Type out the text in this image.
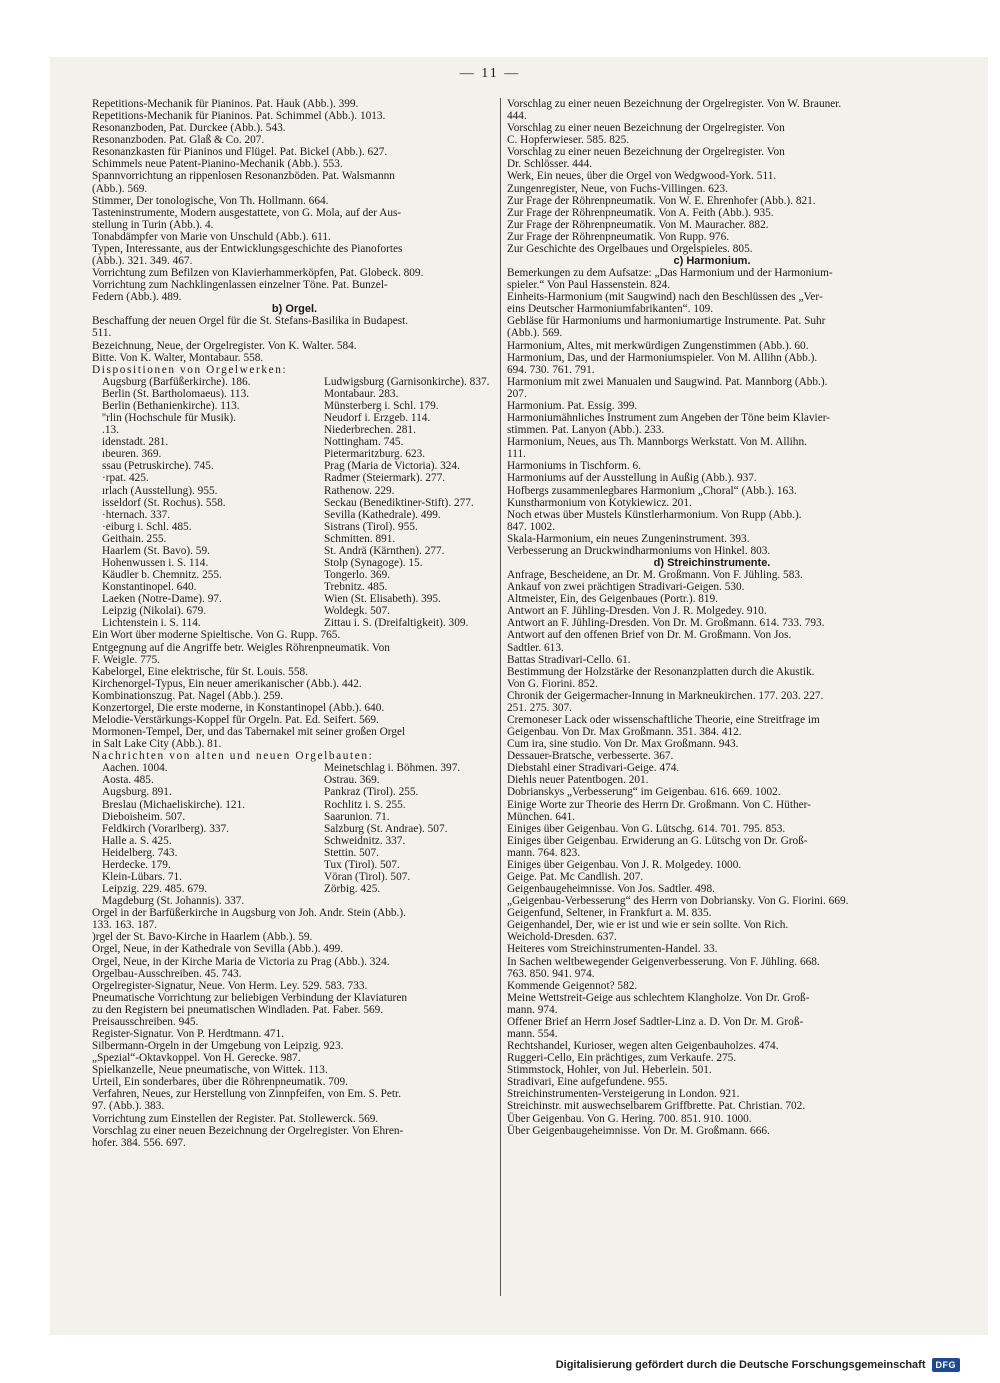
— 11 —

Repetitions-Mechanik für Pianinos. Pat. Hauk (Abb.). 399.

Repetitions-Mechanik für Pianinos. Pat. Schimmel (Abb.). 1013.

Resonanzboden, Pat. Durckee (Abb.). 543.

Resonanzboden. Pat. Glaß & Co. 207.

Resonanzkasten für Pianinos und Flügel. Pat. Bickel (Abb.). 627.

Schimmels neue Patent-Pianino-Mechanik (Abb.). 553.

Spannvorrichtung an rippenlosen Resonanzböden. Pat. Walsmannn

(Abb.). 569.

Stimmer, Der tonologische, Von Th. Hollmann. 664.

Tasteninstrumente, Modern ausgestattete, von G. Mola, auf der Aus-

stellung in Turin (Abb.). 4.

Tonabdämpfer von Marie von Unschuld (Abb.). 611.

Typen, Interessante, aus der Entwicklungsgeschichte des Pianofortes

(Abb.). 321. 349. 467.

Vorrichtung zum Befilzen von Klavierhammerköpfen, Pat. Globeck. 809.

Vorrichtung zum Nachklingenlassen einzelner Töne. Pat. Bunzel-

Federn (Abb.). 489.

b) Orgel.

Beschaffung der neuen Orgel für die St. Stefans-Basilika in Budapest.

511.

Bezeichnung, Neue, der Orgelregister. Von K. Walter. 584.

Bitte. Von K. Walter, Montabaur. 558.

Dispositionen von Orgelwerken:

Augsburg (Barfüßerkirche). 186.	Ludwigsburg (Garnisonkirche). 837.

Berlin (St. Bartholomaeus). 113.	Montabaur. 283.

Berlin (Bethanienkirche). 113.	Münsterberg i. Schl. 179.

''rlin (Hochschule für Musik).	Neudorf i. Erzgeb. 114.

.13.	Niederbrechen. 281.

idenstadt. 281.	Nottingham. 745.

ıbeuren. 369.	Pietermaritzburg. 623.

ssau (Petruskirche). 745.	Prag (Maria de Victoria). 324.

·rpat. 425.	Radmer (Steiermark). 277.

ırlach (Ausstellung). 955.	Rathenow. 229.

isseldorf (St. Rochus). 558.	Seckau (Benediktiner-Stift). 277.

·hternach. 337.	Sevilla (Kathedrale). 499.

·eiburg i. Schl. 485.	Sistrans (Tirol). 955.

Geithain. 255.	Schmitten. 891.

Haarlem (St. Bavo). 59.	St. Andrä (Kärnthen). 277.

Hohenwussen i. S. 114.	Stolp (Synagoge). 15.

Käudler b. Chemnitz. 255.	Tongerlo. 369.

Konstantinopel. 640.	Trebnitz. 485.

Laeken (Notre-Dame). 97.	Wien (St. Elisabeth). 395.

Leipzig (Nikolai). 679.	Woldegk. 507.

Lichtenstein i. S. 114.	Zittau i. S. (Dreifaltigkeit). 309.

Ein Wort über moderne Spieltische. Von G. Rupp. 765.

Entgegnung auf die Angriffe betr. Weigles Röhrenpneumatik. Von

F. Weigle. 775.

Kabelorgel, Eine elektrische, für St. Louis. 558.

Kirchenorgel-Typus, Ein neuer amerikanischer (Abb.). 442.

Kombinationszug. Pat. Nagel (Abb.). 259.

Konzertorgel, Die erste moderne, in Konstantinopel (Abb.). 640.

Melodie-Verstärkungs-Koppel für Orgeln. Pat. Ed. Seifert. 569.

Mormonen-Tempel, Der, und das Tabernakel mit seiner großen Orgel

in Salt Lake City (Abb.). 81.

Nachrichten von alten und neuen Orgelbauten:

Aachen. 1004.	Meinetschlag i. Böhmen. 397.

Aosta. 485.	Ostrau. 369.

Augsburg. 891.	Pankraz (Tirol). 255.

Breslau (Michaeliskirche). 121.	Rochlitz i. S. 255.

Dieboisheim. 507.	Saarunion. 71.

Feldkirch (Vorarlberg). 337.	Salzburg (St. Andrae). 507.

Halle a. S. 425.	Schweidnitz. 337.

Heidelberg. 743.	Stettin. 507.

Herdecke. 179.	Tux (Tirol). 507.

Klein-Lübars. 71.	Vöran (Tirol). 507.

Leipzig. 229. 485. 679.	Zörbig. 425.

Magdeburg (St. Johannis). 337.

Orgel in der Barfüßerkirche in Augsburg von Joh. Andr. Stein (Abb.).

133. 163. 187.

)rgel der St. Bavo-Kirche in Haarlem (Abb.). 59.

Orgel, Neue, in der Kathedrale von Sevilla (Abb.). 499.

Orgel, Neue, in der Kirche Maria de Victoria zu Prag (Abb.). 324.

Orgelbau-Ausschreiben. 45. 743.

Orgelregister-Signatur, Neue. Von Herm. Ley. 529. 583. 733.

Pneumatische Vorrichtung zur beliebigen Verbindung der Klaviaturen

zu den Registern bei pneumatischen Windladen. Pat. Faber. 569.

Preisausschreiben. 945.

Register-Signatur. Von P. Herdtmann. 471.

Silbermann-Orgeln in der Umgebung von Leipzig. 923.

„Spezial“-Oktavkoppel. Von H. Gerecke. 987.

Spielkanzelle, Neue pneumatische, von Wittek. 113.

Urteil, Ein sonderbares, über die Röhrenpneumatik. 709.

Verfahren, Neues, zur Herstellung von Zinnpfeifen, von Em. S. Petr.

97. (Abb.). 383.

Vorrichtung zum Einstellen der Register. Pat. Stollewerck. 569.

Vorschlag zu einer neuen Bezeichnung der Orgelregister. Von Ehren-

hofer. 384. 556. 697.

Vorschlag zu einer neuen Bezeichnung der Orgelregister. Von W. Brauner.

444.

Vorschlag zu einer neuen Bezeichnung der Orgelregister. Von

C. Hopferwieser. 585. 825.

Vorschlag zu einer neuen Bezeichnung der Orgelregister. Von

Dr. Schlösser. 444.

Werk, Ein neues, über die Orgel von Wedgwood-York. 511.

Zungenregister, Neue, von Fuchs-Villingen. 623.

Zur Frage der Röhrenpneumatik. Von W. E. Ehrenhofer (Abb.). 821.

Zur Frage der Röhrenpneumatik. Von A. Feith (Abb.). 935.

Zur Frage der Röhrenpneumatik. Von M. Mauracher. 882.

Zur Frage der Röhrenpneumatik. Von Rupp. 976.

Zur Geschichte des Orgelbaues und Orgelspieles. 805.

c) Harmonium.

Bemerkungen zu dem Aufsatze: „Das Harmonium und der Harmonium-

spieler.“ Von Paul Hassenstein. 824.

Einheits-Harmonium (mit Saugwind) nach den Beschlüssen des „Ver-

eins Deutscher Harmoniumfabrikanten“. 109.

Gebläse für Harmoniums und harmoniumartige Instrumente. Pat. Suhr

(Abb.). 569.

Harmonium, Altes, mit merkwürdigen Zungenstimmen (Abb.). 60.

Harmonium, Das, und der Harmoniumspieler. Von M. Allihn (Abb.).

694. 730. 761. 791.

Harmonium mit zwei Manualen und Saugwind. Pat. Mannborg (Abb.).

207.

Harmonium. Pat. Essig. 399.

Harmoniumähnliches Instrument zum Angeben der Töne beim Klavier-

stimmen. Pat. Lanyon (Abb.). 233.

Harmonium, Neues, aus Th. Mannborgs Werkstatt. Von M. Allihn.

111.

Harmoniums in Tischform. 6.

Harmoniums auf der Ausstellung in Außig (Abb.). 937.

Hofbergs zusammenlegbares Harmonium „Choral“ (Abb.). 163.

Kunstharmonium von Kotykiewicz. 201.

Noch etwas über Mustels Künstlerharmonium. Von Rupp (Abb.).

847. 1002.

Skala-Harmonium, ein neues Zungeninstrument. 393.

Verbesserung an Druckwindharmoniums von Hinkel. 803.

d) Streichinstrumente.

Anfrage, Bescheidene, an Dr. M. Großmann. Von F. Jühling. 583.

Ankauf von zwei prächtigen Stradivari-Geigen. 530.

Altmeister, Ein, des Geigenbaues (Portr.). 819.

Antwort an F. Jühling-Dresden. Von J. R. Molgedey. 910.

Antwort an F. Jühling-Dresden. Von Dr. M. Großmann. 614. 733. 793.

Antwort auf den offenen Brief von Dr. M. Großmann. Von Jos.

Sadtler. 613.

Battas Stradivari-Cello. 61.

Bestimmung der Holzstärke der Resonanzplatten durch die Akustik.

Von G. Fiorini. 852.

Chronik der Geigermacher-Innung in Markneukirchen. 177. 203. 227.

251. 275. 307.

Cremoneser Lack oder wissenschaftliche Theorie, eine Streitfrage im

Geigenbau. Von Dr. Max Großmann. 351. 384. 412.

Cum ira, sine studio. Von Dr. Max Großmann. 943.

Dessauer-Bratsche, verbesserte. 367.

Diebstahl einer Stradivari-Geige. 474.

Diehls neuer Patentbogen. 201.

Dobrianskys „Verbesserung“ im Geigenbau. 616. 669. 1002.

Einige Worte zur Theorie des Herrn Dr. Großmann. Von C. Hüther-

München. 641.

Einiges über Geigenbau. Von G. Lütschg. 614. 701. 795. 853.

Einiges über Geigenbau. Erwiderung an G. Lütschg von Dr. Groß-

mann. 764. 823.

Einiges über Geigenbau. Von J. R. Molgedey. 1000.

Geige. Pat. Mc Candlish. 207.

Geigenbaugeheimnisse. Von Jos. Sadtler. 498.

„Geigenbau-Verbesserung“ des Herrn von Dobriansky. Von G. Fiorini. 669.

Geigenfund, Seltener, in Frankfurt a. M. 835.

Geigenhandel, Der, wie er ist und wie er sein sollte. Von Rich.

Weichold-Dresden. 637.

Heiteres vom Streichinstrumenten-Handel. 33.

In Sachen weltbewegender Geigenverbesserung. Von F. Jühling. 668.

763. 850. 941. 974.

Kommende Geigennot? 582.

Meine Wettstreit-Geige aus schlechtem Klangholze. Von Dr. Groß-

mann. 974.

Offener Brief an Herrn Josef Sadtler-Linz a. D. Von Dr. M. Groß-

mann. 554.

Rechtshandel, Kurioser, wegen alten Geigenbauholzes. 474.

Ruggeri-Cello, Ein prächtiges, zum Verkaufe. 275.

Stimmstock, Hohler, von Jul. Heberlein. 501.

Stradivari, Eine aufgefundene. 955.

Streichinstrumenten-Versteigerung in London. 921.

Streichinstr. mit auswechselbarem Griffbrette. Pat. Christian. 702.

Über Geigenbau. Von G. Hering. 700. 851. 910. 1000.

Über Geigenbaugeheimnisse. Von Dr. M. Großmann. 666.

Digitalisierung gefördert durch die Deutsche Forschungsgemeinschaft	DFG
